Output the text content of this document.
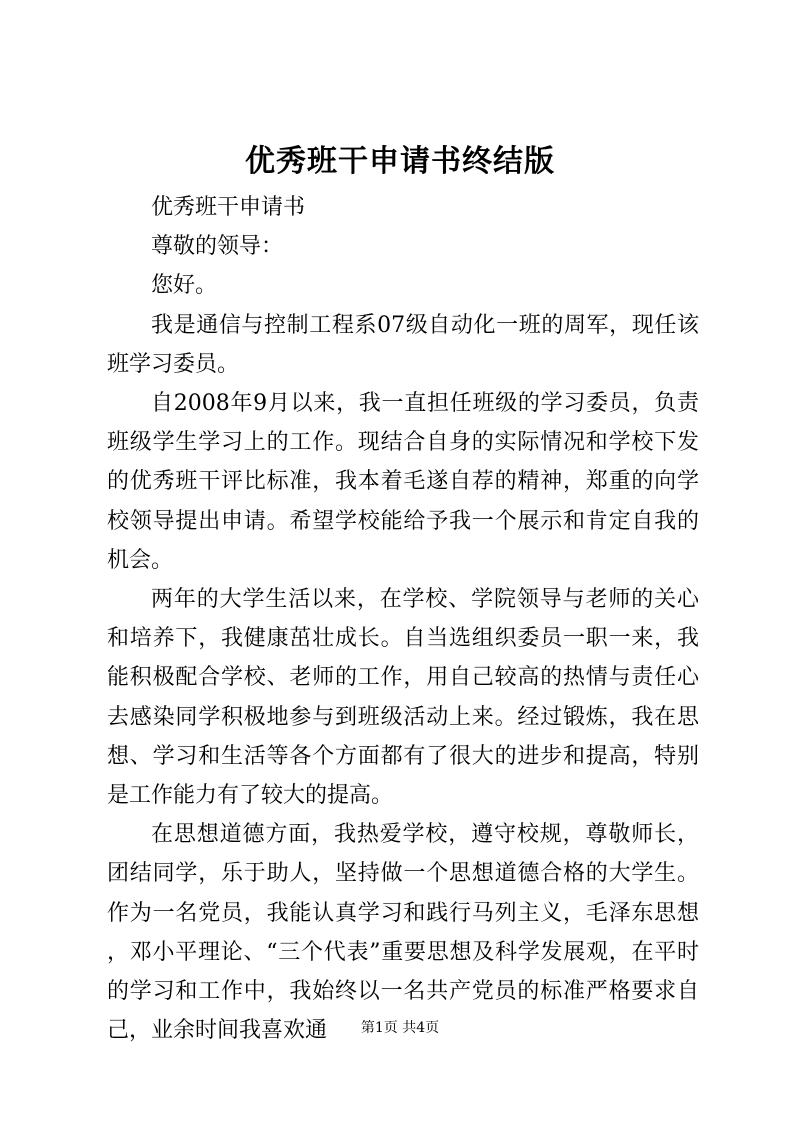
优秀班干申请书终结版

优秀班干申请书

尊敬的领导：

您好。

我是通信与控制工程系07级自动化一班的周军，现任该班学习委员。

自2008年9月以来，我一直担任班级的学习委员，负责班级学生学习上的工作。现结合自身的实际情况和学校下发的优秀班干评比标准，我本着毛遂自荐的精神，郑重的向学校领导提出申请。希望学校能给予我一个展示和肯定自我的机会。

两年的大学生活以来，在学校、学院领导与老师的关心和培养下，我健康茁壮成长。自当选组织委员一职一来，我能积极配合学校、老师的工作，用自己较高的热情与责任心去感染同学积极地参与到班级活动上来。经过锻炼，我在思想、学习和生活等各个方面都有了很大的进步和提高，特别是工作能力有了较大的提高。

在思想道德方面，我热爱学校，遵守校规，尊敬师长，团结同学，乐于助人，坚持做一个思想道德合格的大学生。作为一名党员，我能认真学习和践行马列主义，毛泽东思想，邓小平理论、“三个代表”重要思想及科学发展观，在平时的学习和工作中，我始终以一名共产党员的标准严格要求自己，业余时间我喜欢通	第1页 共4页
